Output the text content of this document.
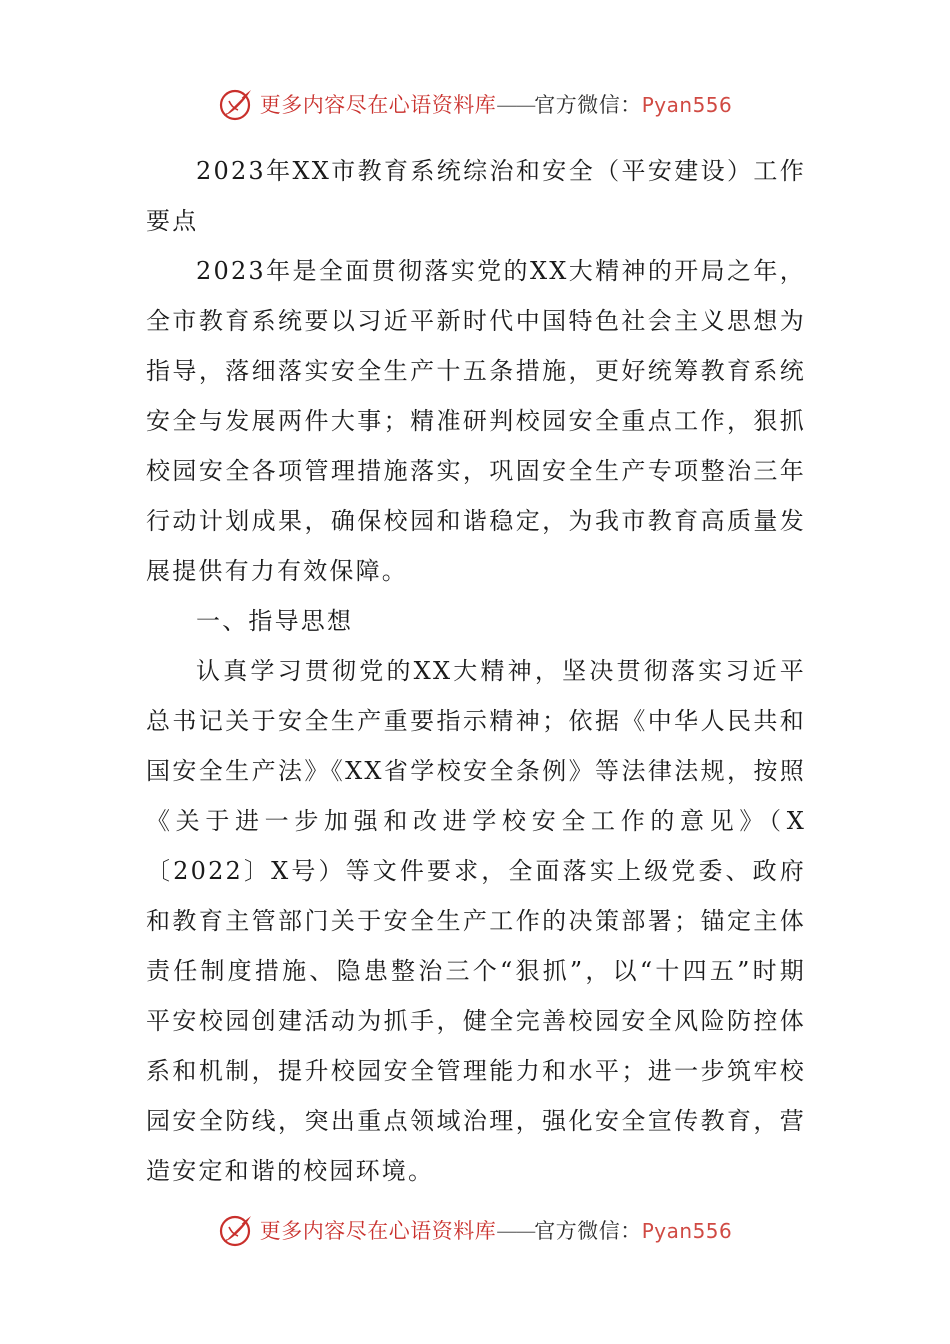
更多内容尽在心语资料库——官方微信：Pyan556

2023年XX市教育系统综治和安全（平安建设）工作要点

2023年是全面贯彻落实党的XX大精神的开局之年，全市教育系统要以习近平新时代中国特色社会主义思想为指导，落细落实安全生产十五条措施，更好统筹教育系统安全与发展两件大事；精准研判校园安全重点工作，狠抓校园安全各项管理措施落实，巩固安全生产专项整治三年行动计划成果，确保校园和谐稳定，为我市教育高质量发展提供有力有效保障。

一、指导思想

认真学习贯彻党的XX大精神，坚决贯彻落实习近平总书记关于安全生产重要指示精神；依据《中华人民共和国安全生产法》《XX省学校安全条例》等法律法规，按照《关于进一步加强和改进学校安全工作的意见》（X〔2022〕X号）等文件要求，全面落实上级党委、政府和教育主管部门关于安全生产工作的决策部署；锚定主体责任制度措施、隐患整治三个“狠抓”，以“十四五”时期平安校园创建活动为抓手，健全完善校园安全风险防控体系和机制，提升校园安全管理能力和水平；进一步筑牢校园安全防线，突出重点领域治理，强化安全宣传教育，营造安定和谐的校园环境。

更多内容尽在心语资料库——官方微信：Pyan556
